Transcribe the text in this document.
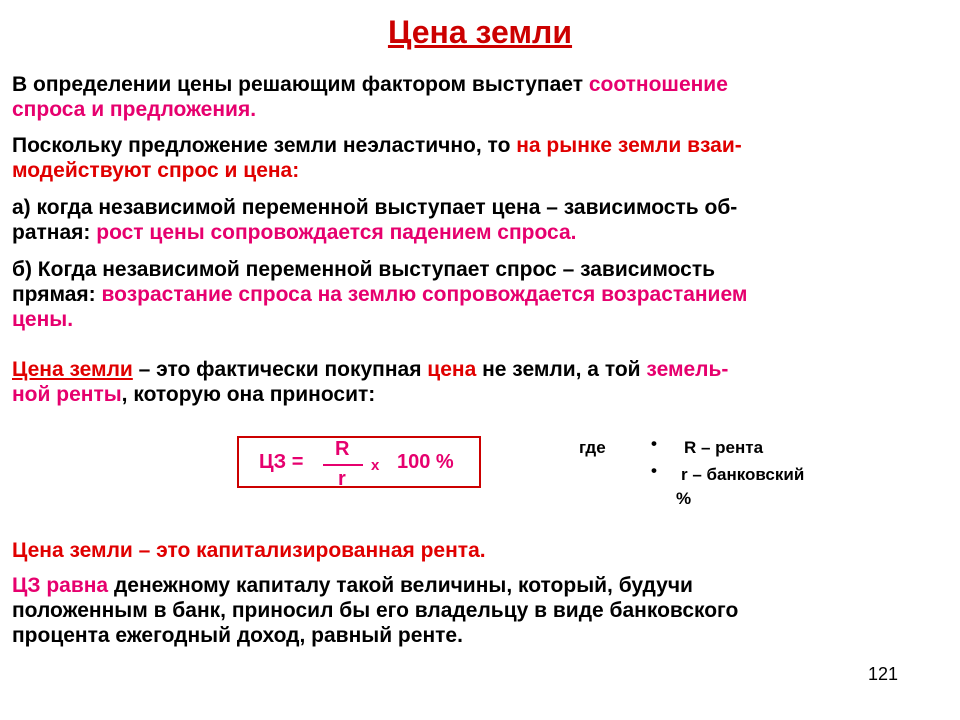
Цена земли
В определении цены решающим фактором выступает соотношение
спроса и предложения.
Поскольку предложение земли неэластично, то на рынке земли взаи-
модействуют спрос и цена:
а) когда независимой переменной выступает цена – зависимость об-
ратная: рост цены сопровождается падением спроса.
б) Когда независимой переменной выступает спрос – зависимость
прямая: возрастание спроса на землю сопровождается возрастанием
цены.
Цена земли – это фактически покупная цена не земли, а той земель-
ной ренты, которую она приносит:
ЦЗ =
R
r
х 100 %
где	• R – рента
• r – банковский
%
Цена земли – это капитализированная рента.
ЦЗ равна денежному капиталу такой величины, который, будучи
положенным в банк, приносил бы его владельцу в виде банковского
процента ежегодный доход, равный ренте.
121
